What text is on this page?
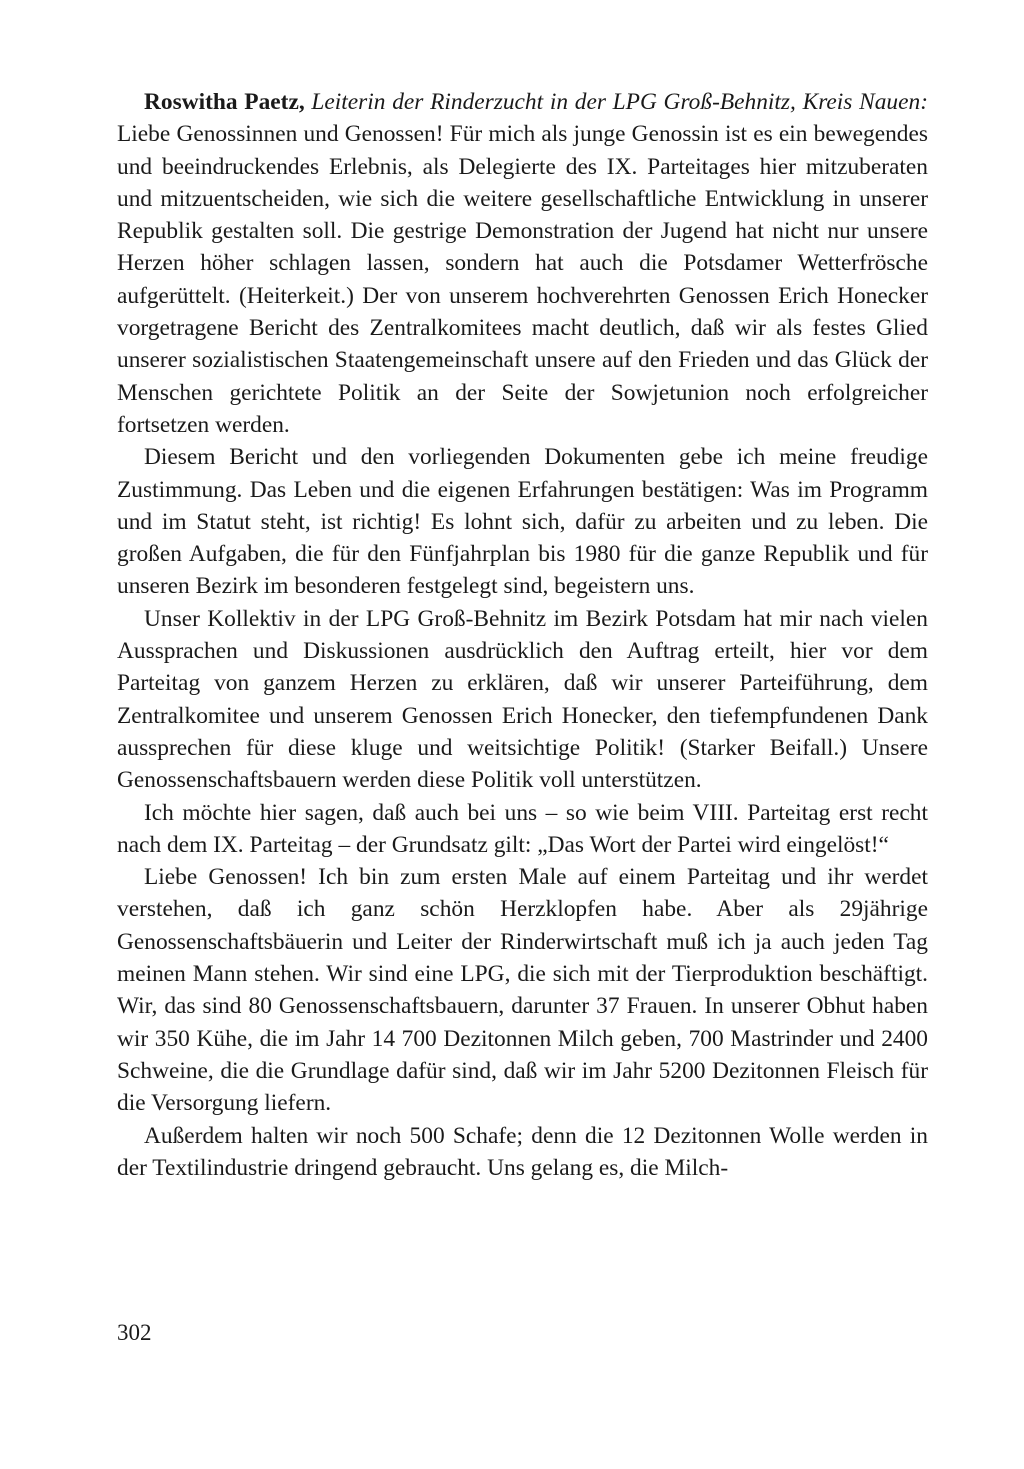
Roswitha Paetz, Leiterin der Rinderzucht in der LPG Groß-Behnitz, Kreis Nauen: Liebe Genossinnen und Genossen! Für mich als junge Genossin ist es ein bewegendes und beeindruckendes Erlebnis, als Delegierte des IX. Parteitages hier mitzuberaten und mitzuentscheiden, wie sich die weitere gesellschaftliche Entwicklung in unserer Republik gestalten soll. Die gestrige Demonstration der Jugend hat nicht nur unsere Herzen höher schlagen lassen, sondern hat auch die Potsdamer Wetterfrösche aufgerüttelt. (Heiterkeit.) Der von unserem hochverehrten Genossen Erich Honecker vorgetragene Bericht des Zentralkomitees macht deutlich, daß wir als festes Glied unserer sozialistischen Staatengemeinschaft unsere auf den Frieden und das Glück der Menschen gerichtete Politik an der Seite der Sowjetunion noch erfolgreicher fortsetzen werden.

Diesem Bericht und den vorliegenden Dokumenten gebe ich meine freudige Zustimmung. Das Leben und die eigenen Erfahrungen bestätigen: Was im Programm und im Statut steht, ist richtig! Es lohnt sich, dafür zu arbeiten und zu leben. Die großen Aufgaben, die für den Fünfjahrplan bis 1980 für die ganze Republik und für unseren Bezirk im besonderen festgelegt sind, begeistern uns.

Unser Kollektiv in der LPG Groß-Behnitz im Bezirk Potsdam hat mir nach vielen Aussprachen und Diskussionen ausdrücklich den Auftrag erteilt, hier vor dem Parteitag von ganzem Herzen zu erklären, daß wir unserer Parteiführung, dem Zentralkomitee und unserem Genossen Erich Honecker, den tiefempfundenen Dank aussprechen für diese kluge und weitsichtige Politik! (Starker Beifall.) Unsere Genossenschaftsbauern werden diese Politik voll unterstützen.

Ich möchte hier sagen, daß auch bei uns – so wie beim VIII. Parteitag erst recht nach dem IX. Parteitag – der Grundsatz gilt: „Das Wort der Partei wird eingelöst!“

Liebe Genossen! Ich bin zum ersten Male auf einem Parteitag und ihr werdet verstehen, daß ich ganz schön Herzklopfen habe. Aber als 29jährige Genossenschaftsbäuerin und Leiter der Rinderwirtschaft muß ich ja auch jeden Tag meinen Mann stehen. Wir sind eine LPG, die sich mit der Tierproduktion beschäftigt. Wir, das sind 80 Genossenschaftsbauern, darunter 37 Frauen. In unserer Obhut haben wir 350 Kühe, die im Jahr 14 700 Dezitonnen Milch geben, 700 Mastrinder und 2400 Schweine, die die Grundlage dafür sind, daß wir im Jahr 5200 Dezitonnen Fleisch für die Versorgung liefern.

Außerdem halten wir noch 500 Schafe; denn die 12 Dezitonnen Wolle werden in der Textilindustrie dringend gebraucht. Uns gelang es, die Milch-

302
